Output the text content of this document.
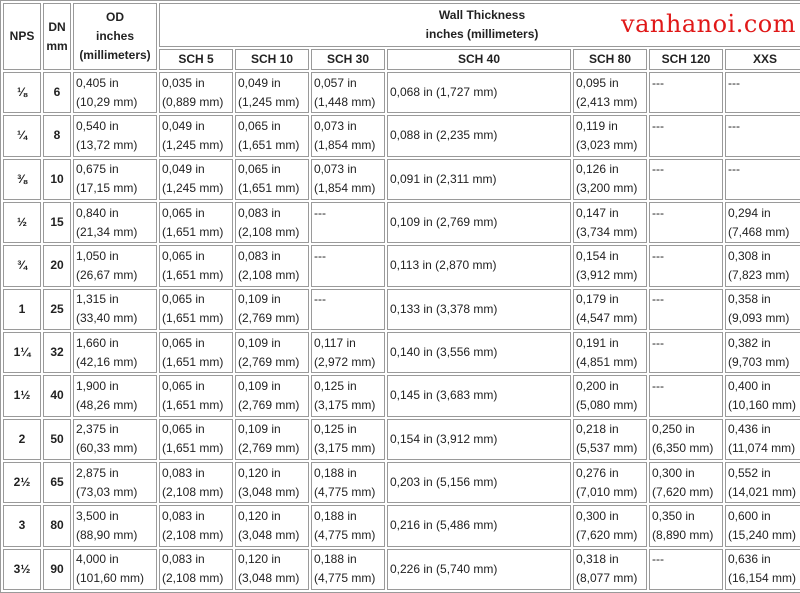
NPS	DN
mm	OD
inches
(millimeters)	Wall Thickness
inches (millimeters)						

			SCH 5	SCH 10	SCH 30	SCH 40	SCH 80	SCH 120	XXS
⅛	6	0,405 in
(10,29 mm)	0,035 in
(0,889 mm)	0,049 in
(1,245 mm)	0,057 in
(1,448 mm)	0,068 in (1,727 mm)	0,095 in
(2,413 mm)	---	---

¼	8	0,540 in
(13,72 mm)	0,049 in
(1,245 mm)	0,065 in
(1,651 mm)	0,073 in
(1,854 mm)	0,088 in (2,235 mm)	0,119 in
(3,023 mm)	---	---

⅜	10	0,675 in
(17,15 mm)	0,049 in
(1,245 mm)	0,065 in
(1,651 mm)	0,073 in
(1,854 mm)	0,091 in (2,311 mm)	0,126 in
(3,200 mm)	---	---

½	15	0,840 in
(21,34 mm)	0,065 in
(1,651 mm)	0,083 in
(2,108 mm)	---	0,109 in (2,769 mm)	0,147 in
(3,734 mm)	---	0,294 in
(7,468 mm)

¾	20	1,050 in
(26,67 mm)	0,065 in
(1,651 mm)	0,083 in
(2,108 mm)	---	0,113 in (2,870 mm)	0,154 in
(3,912 mm)	---	0,308 in
(7,823 mm)

1	25	1,315 in
(33,40 mm)	0,065 in
(1,651 mm)	0,109 in
(2,769 mm)	---	0,133 in (3,378 mm)	0,179 in
(4,547 mm)	---	0,358 in
(9,093 mm)

1¼	32	1,660 in
(42,16 mm)	0,065 in
(1,651 mm)	0,109 in
(2,769 mm)	0,117 in
(2,972 mm)	0,140 in (3,556 mm)	0,191 in
(4,851 mm)	---	0,382 in
(9,703 mm)

1½	40	1,900 in
(48,26 mm)	0,065 in
(1,651 mm)	0,109 in
(2,769 mm)	0,125 in
(3,175 mm)	0,145 in (3,683 mm)	0,200 in
(5,080 mm)	---	0,400 in
(10,160 mm)

2	50	2,375 in
(60,33 mm)	0,065 in
(1,651 mm)	0,109 in
(2,769 mm)	0,125 in
(3,175 mm)	0,154 in (3,912 mm)	0,218 in
(5,537 mm)	0,250 in
(6,350 mm)	0,436 in
(11,074 mm)

2½	65	2,875 in
(73,03 mm)	0,083 in
(2,108 mm)	0,120 in
(3,048 mm)	0,188 in
(4,775 mm)	0,203 in (5,156 mm)	0,276 in
(7,010 mm)	0,300 in
(7,620 mm)	0,552 in
(14,021 mm)

3	80	3,500 in
(88,90 mm)	0,083 in
(2,108 mm)	0,120 in
(3,048 mm)	0,188 in
(4,775 mm)	0,216 in (5,486 mm)	0,300 in
(7,620 mm)	0,350 in
(8,890 mm)	0,600 in
(15,240 mm)

3½	90	4,000 in
(101,60 mm)	0,083 in
(2,108 mm)	0,120 in
(3,048 mm)	0,188 in
(4,775 mm)	0,226 in (5,740 mm)	0,318 in
(8,077 mm)	---	0,636 in
(16,154 mm)
vanhanoi.com
